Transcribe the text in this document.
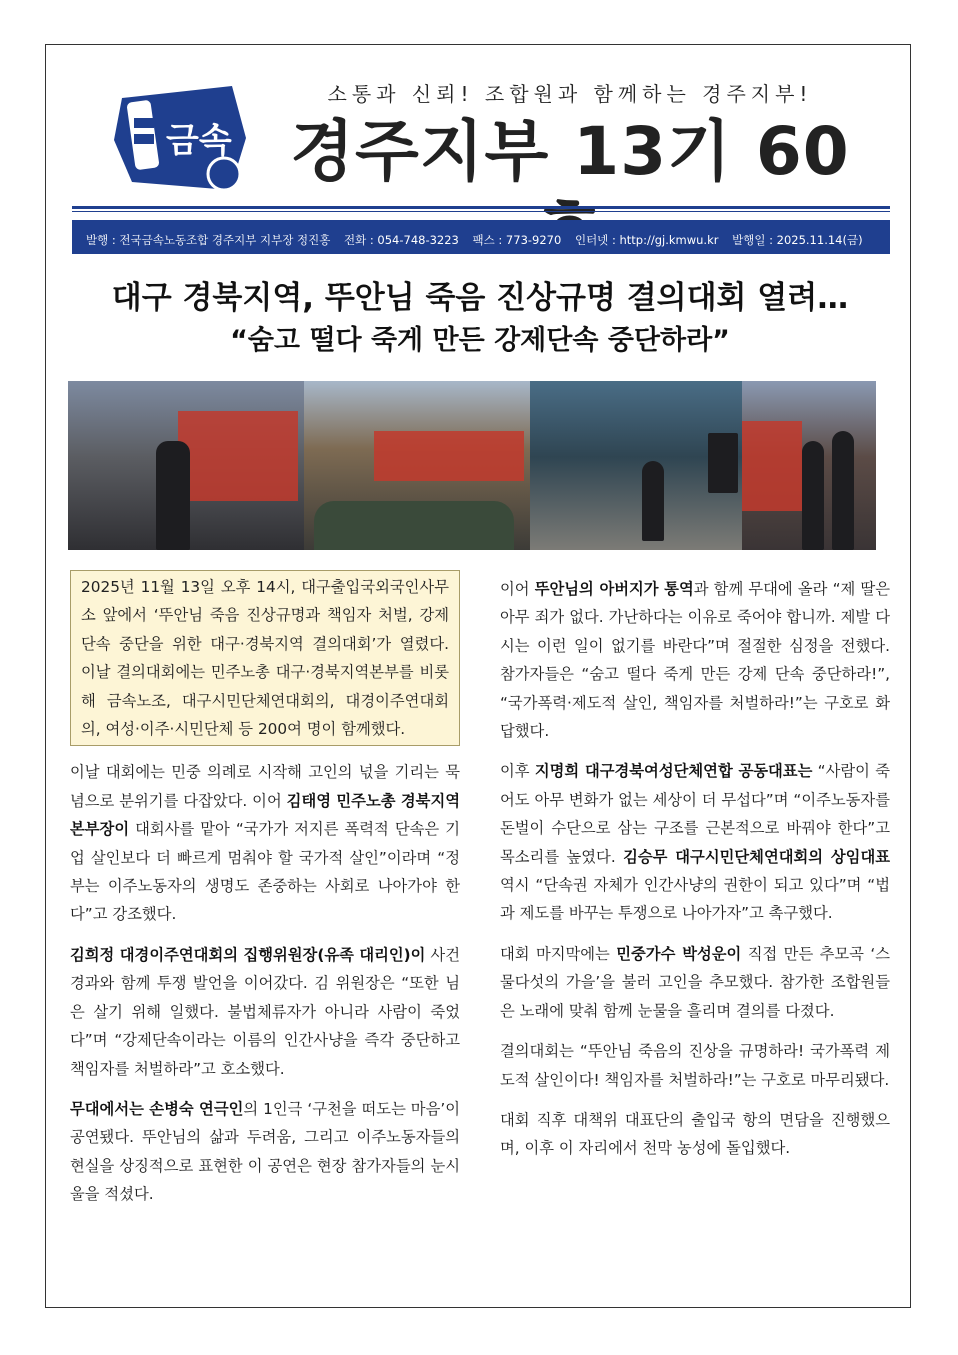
금속
소통과 신뢰! 조합원과 함께하는 경주지부!
경주지부 13기 60
발행 : 전국금속노동조합 경주지부 지부장 정진홍 전화 : 054-748-3223 팩스 : 773-9270 인터넷 : http://gj.kmwu.kr 발행일 : 2025.11.14(금)
대구 경북지역, 뚜안님 죽음 진상규명 결의대회 열려…
“숨고 떨다 죽게 만든 강제단속 중단하라”

2025년 11월 13일 오후 14시, 대구출입국외국인사무소 앞에서 ‘뚜안님 죽음 진상규명과 책임자 처벌, 강제단속 중단을 위한 대구·경북지역 결의대회’가 열렸다. 이날 결의대회에는 민주노총 대구·경북지역본부를 비롯해 금속노조, 대구시민단체연대회의, 대경이주연대회의, 여성·이주·시민단체 등 200여 명이 함께했다.

이날 대회에는 민중 의례로 시작해 고인의 넋을 기리는 묵념으로 분위기를 다잡았다. 이어 김태영 민주노총 경북지역본부장이 대회사를 맡아 “국가가 저지른 폭력적 단속은 기업 살인보다 더 빠르게 멈춰야 할 국가적 살인”이라며 “정부는 이주노동자의 생명도 존중하는 사회로 나아가야 한다”고 강조했다.

김희정 대경이주연대회의 집행위원장(유족 대리인)이 사건 경과와 함께 투쟁 발언을 이어갔다. 김 위원장은 “또한 님은 살기 위해 일했다. 불법체류자가 아니라 사람이 죽었다”며 “강제단속이라는 이름의 인간사냥을 즉각 중단하고 책임자를 처벌하라”고 호소했다.

무대에서는 손병숙 연극인의 1인극 ‘구천을 떠도는 마음’이 공연됐다. 뚜안님의 삶과 두려움, 그리고 이주노동자들의 현실을 상징적으로 표현한 이 공연은 현장 참가자들의 눈시울을 적셨다.

이어 뚜안님의 아버지가 통역과 함께 무대에 올라 “제 딸은 아무 죄가 없다. 가난하다는 이유로 죽어야 합니까. 제발 다시는 이런 일이 없기를 바란다”며 절절한 심정을 전했다. 참가자들은 “숨고 떨다 죽게 만든 강제 단속 중단하라!”, “국가폭력·제도적 살인, 책임자를 처벌하라!”는 구호로 화답했다.

이후 지명희 대구경북여성단체연합 공동대표는 “사람이 죽어도 아무 변화가 없는 세상이 더 무섭다”며 “이주노동자를 돈벌이 수단으로 삼는 구조를 근본적으로 바꿔야 한다”고 목소리를 높였다. 김승무 대구시민단체연대회의 상임대표 역시 “단속권 자체가 인간사냥의 권한이 되고 있다”며 “법과 제도를 바꾸는 투쟁으로 나아가자”고 촉구했다.

대회 마지막에는 민중가수 박성운이 직접 만든 추모곡 ‘스물다섯의 가을’을 불러 고인을 추모했다. 참가한 조합원들은 노래에 맞춰 함께 눈물을 흘리며 결의를 다졌다.

결의대회는 “뚜안님 죽음의 진상을 규명하라! 국가폭력 제도적 살인이다! 책임자를 처벌하라!”는 구호로 마무리됐다.

대회 직후 대책위 대표단의 출입국 항의 면담을 진행했으며, 이후 이 자리에서 천막 농성에 돌입했다.
